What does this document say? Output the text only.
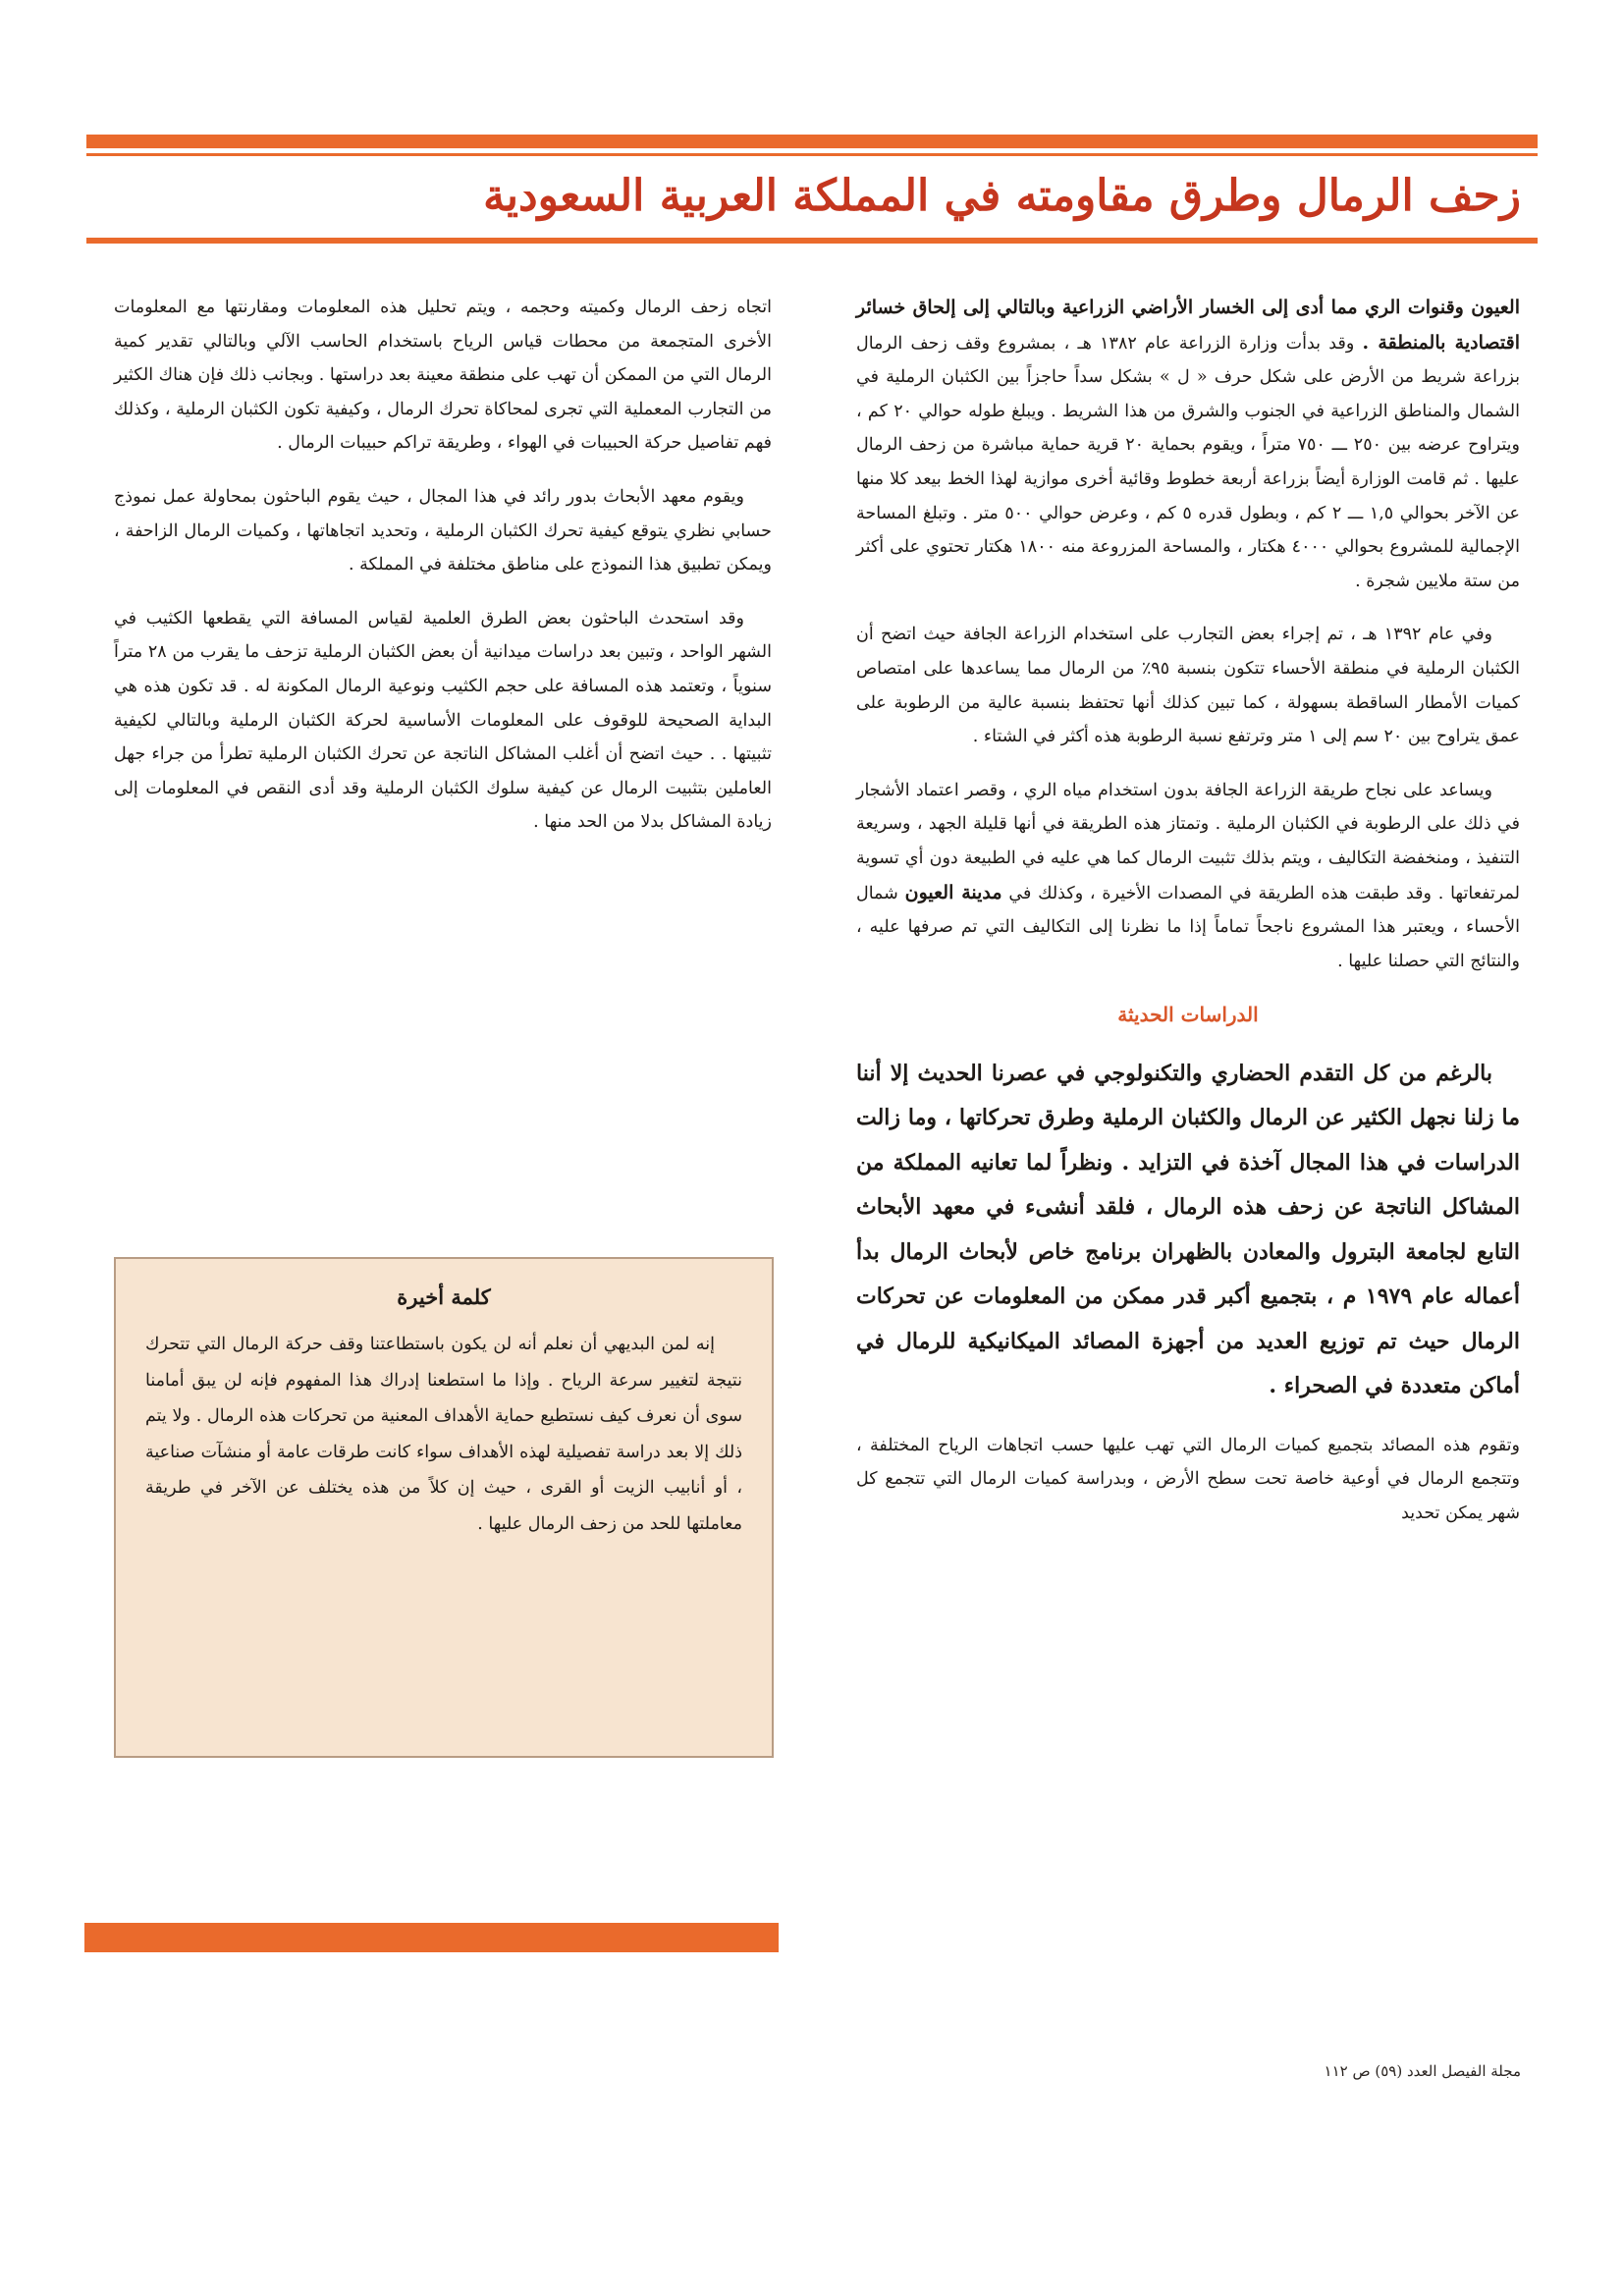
زحف الرمال وطرق مقاومته في المملكة العربية السعودية

العيون وقنوات الري مما أدى إلى الخسار الأراضي الزراعية وبالتالي إلى إلحاق خسائر اقتصادية بالمنطقة . وقد بدأت وزارة الزراعة عام ١٣٨٢ هـ ، بمشروع وقف زحف الرمال بزراعة شريط من الأرض على شكل حرف « ل » بشكل سداً حاجزاً بين الكثبان الرملية في الشمال والمناطق الزراعية في الجنوب والشرق من هذا الشريط . ويبلغ طوله حوالي ٢٠ كم ، ويتراوح عرضه بين ٢٥٠ ـــ ٧٥٠ متراً ، ويقوم بحماية ٢٠ قرية حماية مباشرة من زحف الرمال عليها . ثم قامت الوزارة أيضاً بزراعة أربعة خطوط وقائية أخرى موازية لهذا الخط بيعد كلا منها عن الآخر بحوالي ١,٥ ـــ ٢ كم ، وبطول قدره ٥ كم ، وعرض حوالي ٥٠٠ متر . وتبلغ المساحة الإجمالية للمشروع بحوالي ٤٠٠٠ هكتار ، والمساحة المزروعة منه ١٨٠٠ هكتار تحتوي على أكثر من ستة ملايين شجرة .

وفي عام ١٣٩٢ هـ ، تم إجراء بعض التجارب على استخدام الزراعة الجافة حيث اتضح أن الكثبان الرملية في منطقة الأحساء تتكون بنسبة ٩٥٪ من الرمال مما يساعدها على امتصاص كميات الأمطار الساقطة بسهولة ، كما تبين كذلك أنها تحتفظ بنسبة عالية من الرطوبة على عمق يتراوح بين ٢٠ سم إلى ١ متر وترتفع نسبة الرطوبة هذه أكثر في الشتاء .

ويساعد على نجاح طريقة الزراعة الجافة بدون استخدام مياه الري ، وقصر اعتماد الأشجار في ذلك على الرطوبة في الكثبان الرملية . وتمتاز هذه الطريقة في أنها قليلة الجهد ، وسريعة التنفيذ ، ومنخفضة التكاليف ، ويتم بذلك تثبيت الرمال كما هي عليه في الطبيعة دون أي تسوية لمرتفعاتها . وقد طبقت هذه الطريقة في المصدات الأخيرة ، وكذلك في مدينة العيون شمال الأحساء ، ويعتبر هذا المشروع ناجحاً تماماً إذا ما نظرنا إلى التكاليف التي تم صرفها عليه ، والنتائج التي حصلنا عليها .

الدراسات الحديثة

بالرغم من كل التقدم الحضاري والتكنولوجي في عصرنا الحديث إلا أننا ما زلنا نجهل الكثير عن الرمال والكثبان الرملية وطرق تحركاتها ، وما زالت الدراسات في هذا المجال آخذة في التزايد . ونظراً لما تعانيه المملكة من المشاكل الناتجة عن زحف هذه الرمال ، فلقد أنشىء في معهد الأبحاث التابع لجامعة البترول والمعادن بالظهران برنامج خاص لأبحاث الرمال بدأ أعماله عام ١٩٧٩ م ، بتجميع أكبر قدر ممكن من المعلومات عن تحركات الرمال حيث تم توزيع العديد من أجهزة المصائد الميكانيكية للرمال في أماكن متعددة في الصحراء .

وتقوم هذه المصائد بتجميع كميات الرمال التي تهب عليها حسب اتجاهات الرياح المختلفة ، وتتجمع الرمال في أوعية خاصة تحت سطح الأرض ، وبدراسة كميات الرمال التي تتجمع كل شهر يمكن تحديد

اتجاه زحف الرمال وكميته وحجمه ، ويتم تحليل هذه المعلومات ومقارنتها مع المعلومات الأخرى المتجمعة من محطات قياس الرياح باستخدام الحاسب الآلي وبالتالي تقدير كمية الرمال التي من الممكن أن تهب على منطقة معينة بعد دراستها . وبجانب ذلك فإن هناك الكثير من التجارب المعملية التي تجرى لمحاكاة تحرك الرمال ، وكيفية تكون الكثبان الرملية ، وكذلك فهم تفاصيل حركة الحبيبات في الهواء ، وطريقة تراكم حبيبات الرمال .

ويقوم معهد الأبحاث بدور رائد في هذا المجال ، حيث يقوم الباحثون بمحاولة عمل نموذج حسابي نظري يتوقع كيفية تحرك الكثبان الرملية ، وتحديد اتجاهاتها ، وكميات الرمال الزاحفة ، ويمكن تطبيق هذا النموذج على مناطق مختلفة في المملكة .

وقد استحدث الباحثون بعض الطرق العلمية لقياس المسافة التي يقطعها الكثيب في الشهر الواحد ، وتبين بعد دراسات ميدانية أن بعض الكثبان الرملية تزحف ما يقرب من ٢٨ متراً سنوياً ، وتعتمد هذه المسافة على حجم الكثيب ونوعية الرمال المكونة له . قد تكون هذه هي البداية الصحيحة للوقوف على المعلومات الأساسية لحركة الكثبان الرملية وبالتالي لكيفية تثبيتها . . حيث اتضح أن أغلب المشاكل الناتجة عن تحرك الكثبان الرملية تطرأ من جراء جهل العاملين بتثبيت الرمال عن كيفية سلوك الكثبان الرملية وقد أدى النقص في المعلومات إلى زيادة المشاكل بدلا من الحد منها .

كلمة أخيرة

إنه لمن البديهي أن نعلم أنه لن يكون باستطاعتنا وقف حركة الرمال التي تتحرك نتيجة لتغيير سرعة الرياح . وإذا ما استطعنا إدراك هذا المفهوم فإنه لن يبق أمامنا سوى أن نعرف كيف نستطيع حماية الأهداف المعنية من تحركات هذه الرمال . ولا يتم ذلك إلا بعد دراسة تفصيلية لهذه الأهداف سواء كانت طرقات عامة أو منشآت صناعية ، أو أنابيب الزيت أو القرى ، حيث إن كلاً من هذه يختلف عن الآخر في طريقة معاملتها للحد من زحف الرمال عليها .

مجلة الفيصل العدد (٥٩) ص ١١٢
